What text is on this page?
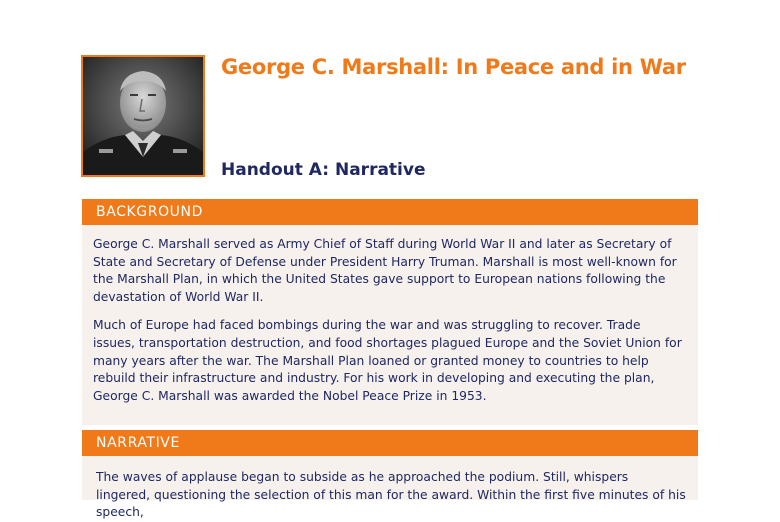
George C. Marshall: In Peace and in War
Handout A: Narrative
BACKGROUND

George C. Marshall served as Army Chief of Staff during World War II and later as Secretary of State and Secretary of Defense under President Harry Truman. Marshall is most well-known for the Marshall Plan, in which the United States gave support to European nations following the devastation of World War II.

Much of Europe had faced bombings during the war and was struggling to recover. Trade issues, transportation destruction, and food shortages plagued Europe and the Soviet Union for many years after the war. The Marshall Plan loaned or granted money to countries to help rebuild their infrastructure and industry. For his work in developing and executing the plan, George C. Marshall was awarded the Nobel Peace Prize in 1953.

NARRATIVE

The waves of applause began to subside as he approached the podium. Still, whispers lingered, questioning the selection of this man for the award. Within the first five minutes of his speech,
